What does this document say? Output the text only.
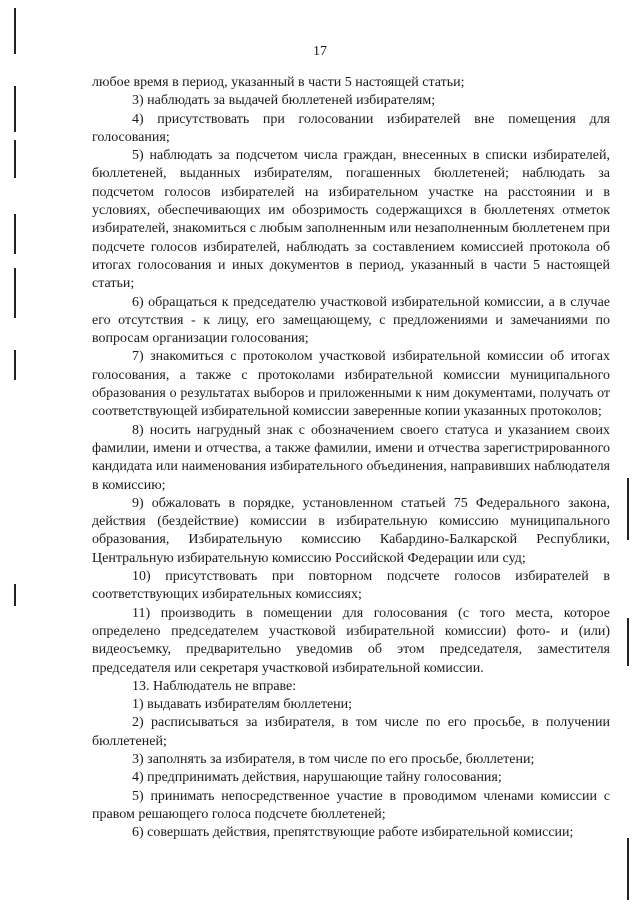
17

любое время в период, указанный в части 5 настоящей статьи;

3) наблюдать за выдачей бюллетеней избирателям;

4) присутствовать при голосовании избирателей вне помещения для голосования;

5) наблюдать за подсчетом числа граждан, внесенных в списки избирателей, бюллетеней, выданных избирателям, погашенных бюллетеней; наблюдать за подсчетом голосов избирателей на избирательном участке на расстоянии и в условиях, обеспечивающих им обозримость содержащихся в бюллетенях отметок избирателей, знакомиться с любым заполненным или незаполненным бюллетенем при подсчете голосов избирателей, наблюдать за составлением комиссией протокола об итогах голосования и иных документов в период, указанный в части 5 настоящей статьи;

6) обращаться к председателю участковой избирательной комиссии, а в случае его отсутствия - к лицу, его замещающему, с предложениями и замечаниями по вопросам организации голосования;

7) знакомиться с протоколом участковой избирательной комиссии об итогах голосования, а также с протоколами избирательной комиссии муниципального образования о результатах выборов и приложенными к ним документами, получать от соответствующей избирательной комиссии заверенные копии указанных протоколов;

8) носить нагрудный знак с обозначением своего статуса и указанием своих фамилии, имени и отчества, а также фамилии, имени и отчества зарегистрированного кандидата или наименования избирательного объединения, направивших наблюдателя в комиссию;

9) обжаловать в порядке, установленном статьей 75 Федерального закона, действия (бездействие) комиссии в избирательную комиссию муниципального образования, Избирательную комиссию Кабардино-Балкарской Республики, Центральную избирательную комиссию Российской Федерации или суд;

10) присутствовать при повторном подсчете голосов избирателей в соответствующих избирательных комиссиях;

11) производить в помещении для голосования (с того места, которое определено председателем участковой избирательной комиссии) фото- и (или) видеосъемку, предварительно уведомив об этом председателя, заместителя председателя или секретаря участковой избирательной комиссии.

13. Наблюдатель не вправе:

1) выдавать избирателям бюллетени;

2) расписываться за избирателя, в том числе по его просьбе, в получении бюллетеней;

3) заполнять за избирателя, в том числе по его просьбе, бюллетени;

4) предпринимать действия, нарушающие тайну голосования;

5) принимать непосредственное участие в проводимом членами комиссии с правом решающего голоса подсчете бюллетеней;

6) совершать действия, препятствующие работе избирательной комиссии;
